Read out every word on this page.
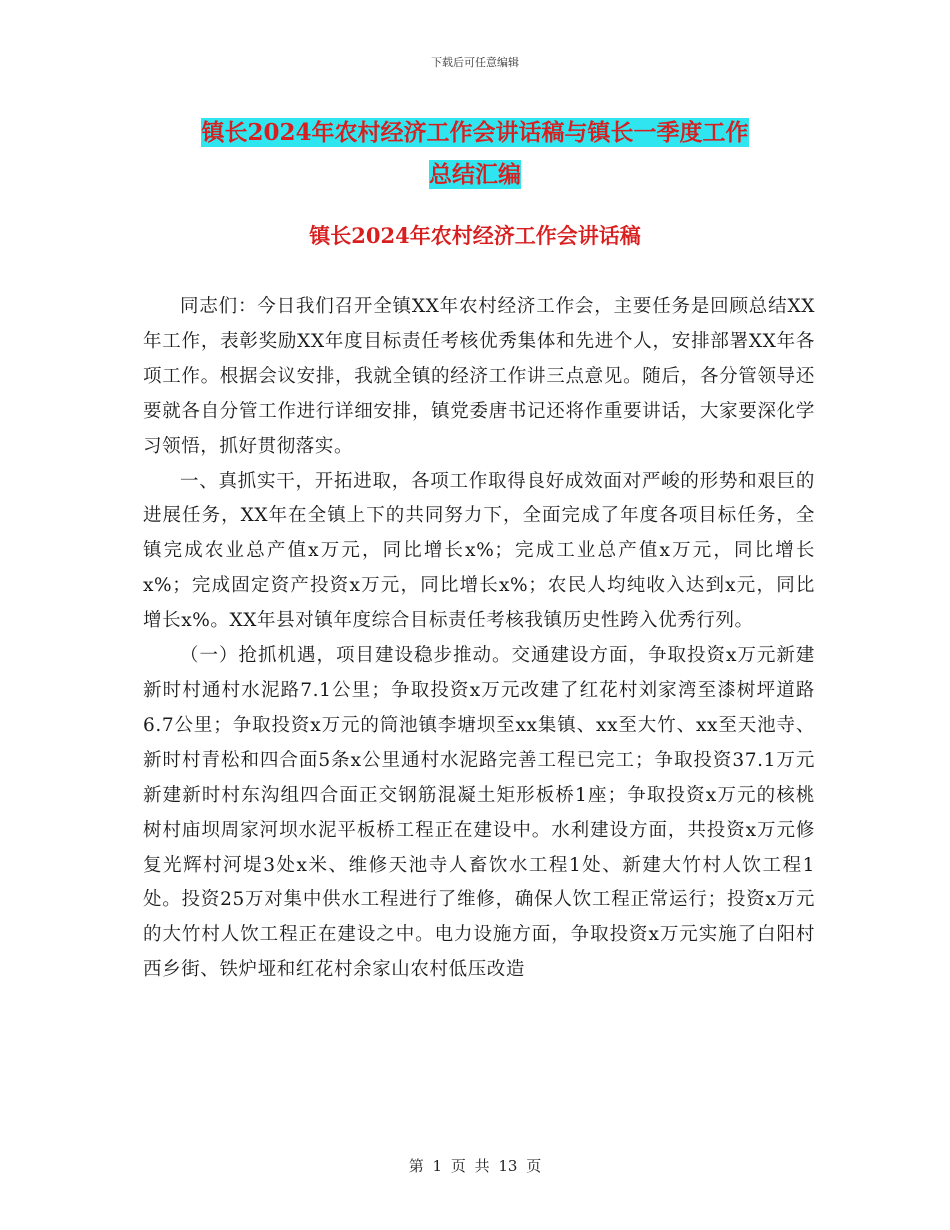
下载后可任意编辑
镇长2024年农村经济工作会讲话稿与镇长一季度工作
总结汇编
镇长2024年农村经济工作会讲话稿

同志们：今日我们召开全镇XX年农村经济工作会，主要任务是回顾总结XX年工作，表彰奖励XX年度目标责任考核优秀集体和先进个人，安排部署XX年各项工作。根据会议安排，我就全镇的经济工作讲三点意见。随后，各分管领导还要就各自分管工作进行详细安排，镇党委唐书记还将作重要讲话，大家要深化学习领悟，抓好贯彻落实。

一、真抓实干，开拓进取，各项工作取得良好成效面对严峻的形势和艰巨的进展任务，XX年在全镇上下的共同努力下，全面完成了年度各项目标任务，全镇完成农业总产值x万元，同比增长x%；完成工业总产值x万元，同比增长x%；完成固定资产投资x万元，同比增长x%；农民人均纯收入达到x元，同比增长x%。XX年县对镇年度综合目标责任考核我镇历史性跨入优秀行列。

（一）抢抓机遇，项目建设稳步推动。交通建设方面，争取投资x万元新建新时村通村水泥路7.1公里；争取投资x万元改建了红花村刘家湾至漆树坪道路6.7公里；争取投资x万元的筒池镇李塘坝至xx集镇、xx至大竹、xx至天池寺、新时村青松和四合面5条x公里通村水泥路完善工程已完工；争取投资37.1万元新建新时村东沟组四合面正交钢筋混凝土矩形板桥1座；争取投资x万元的核桃树村庙坝周家河坝水泥平板桥工程正在建设中。水利建设方面，共投资x万元修复光辉村河堤3处x米、维修天池寺人畜饮水工程1处、新建大竹村人饮工程1处。投资25万对集中供水工程进行了维修，确保人饮工程正常运行；投资x万元的大竹村人饮工程正在建设之中。电力设施方面，争取投资x万元实施了白阳村西乡街、铁炉垭和红花村余家山农村低压改造

第 1 页 共 13 页
